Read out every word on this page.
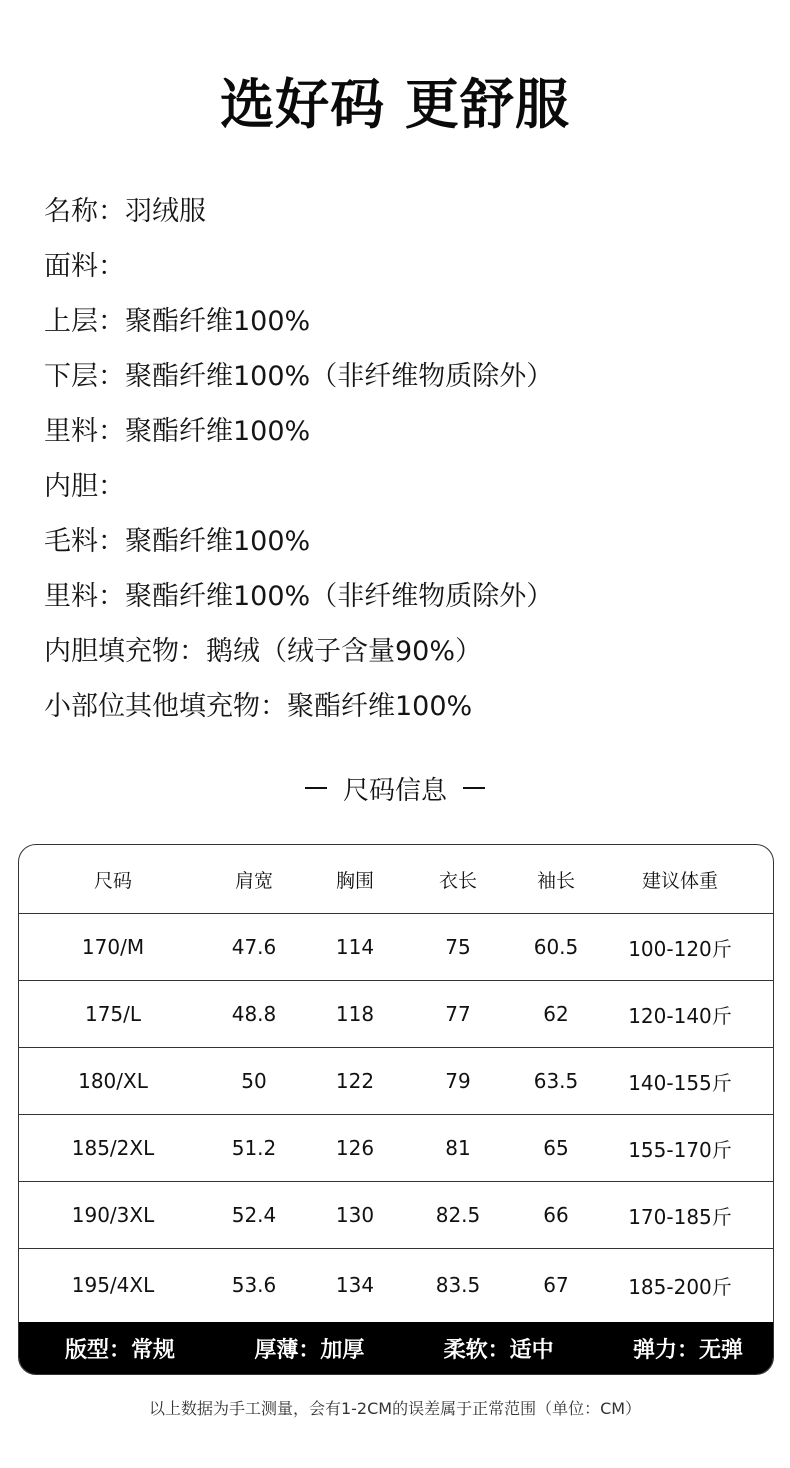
选好码 更舒服
名称：羽绒服
面料：
上层：聚酯纤维100%
下层：聚酯纤维100%（非纤维物质除外）
里料：聚酯纤维100%
内胆：
毛料：聚酯纤维100%
里料：聚酯纤维100%（非纤维物质除外）
内胆填充物：鹅绒（绒子含量90%）
小部位其他填充物：聚酯纤维100%
尺码信息
尺码	肩宽	胸围	衣长	袖长	建议体重
170/M	47.6	114	75	60.5	100-120斤
175/L	48.8	118	77	62	120-140斤
180/XL	50	122	79	63.5	140-155斤
185/2XL	51.2	126	81	65	155-170斤
190/3XL	52.4	130	82.5	66	170-185斤
195/4XL	53.6	134	83.5	67	185-200斤
版型：常规	厚薄：加厚	柔软：适中	弹力：无弹
以上数据为手工测量，会有1-2CM的误差属于正常范围（单位：CM）
